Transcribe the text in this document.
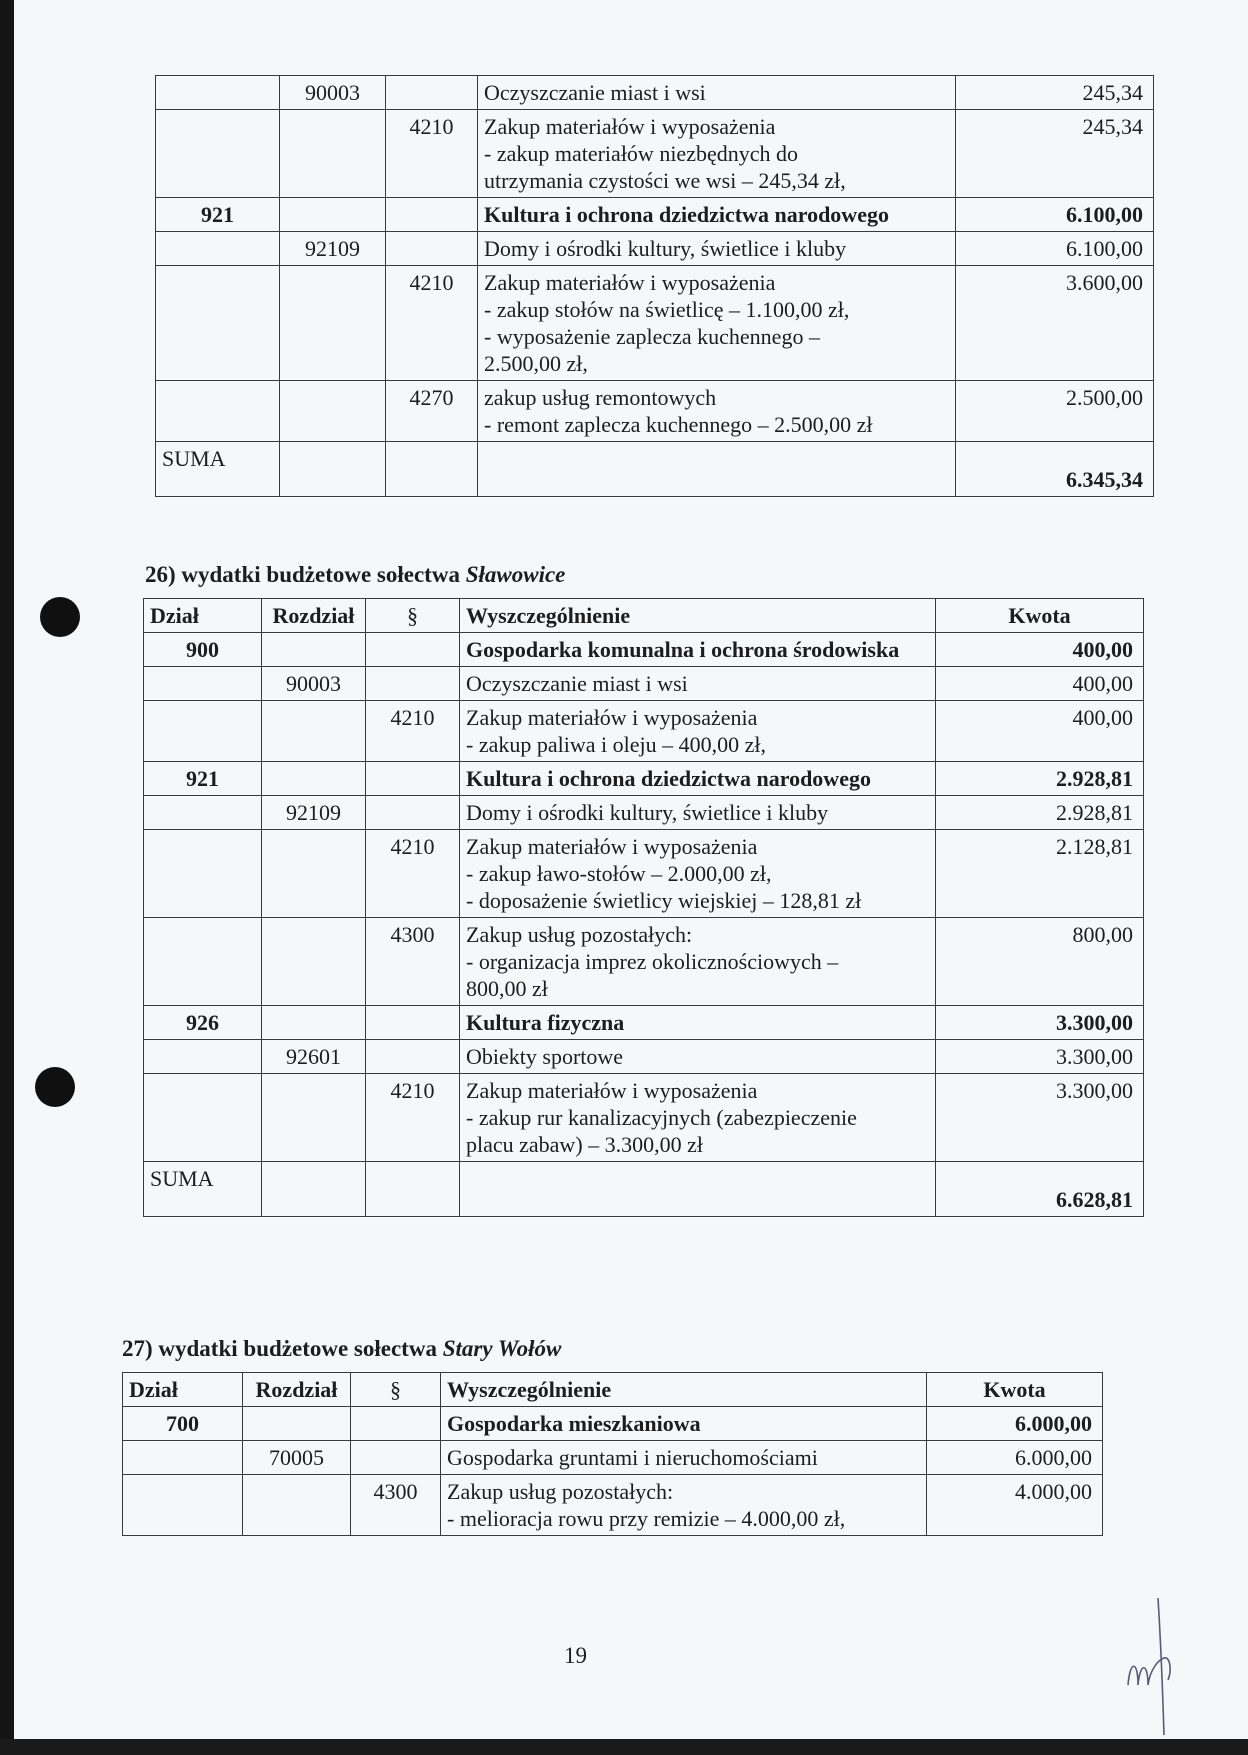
	90003		Oczyszczanie miast i wsi	245,34
		4210	Zakup materiałów i wyposażenia
- zakup materiałów niezbędnych do
utrzymania czystości we wsi – 245,34 zł,	245,34
921			Kultura i ochrona dziedzictwa narodowego	6.100,00
	92109		Domy i ośrodki kultury, świetlice i kluby	6.100,00
		4210	Zakup materiałów i wyposażenia
- zakup stołów na świetlicę – 1.100,00 zł,
- wyposażenie zaplecza kuchennego –
2.500,00 zł,	3.600,00
		4270	zakup usług remontowych
- remont zaplecza kuchennego – 2.500,00 zł	2.500,00
SUMA				6.345,34
26) wydatki budżetowe sołectwa Sławowice
Dział	Rozdział	§	Wyszczególnienie	Kwota
900			Gospodarka komunalna i ochrona środowiska	400,00
	90003		Oczyszczanie miast i wsi	400,00
		4210	Zakup materiałów i wyposażenia
- zakup paliwa i oleju – 400,00 zł,	400,00
921			Kultura i ochrona dziedzictwa narodowego	2.928,81
	92109		Domy i ośrodki kultury, świetlice i kluby	2.928,81
		4210	Zakup materiałów i wyposażenia
- zakup ławo-stołów – 2.000,00 zł,
- doposażenie świetlicy wiejskiej – 128,81 zł	2.128,81
		4300	Zakup usług pozostałych:
- organizacja imprez okolicznościowych –
800,00 zł	800,00
926			Kultura fizyczna	3.300,00
	92601		Obiekty sportowe	3.300,00
		4210	Zakup materiałów i wyposażenia
- zakup rur kanalizacyjnych (zabezpieczenie
placu zabaw) – 3.300,00 zł	3.300,00
SUMA				6.628,81
27) wydatki budżetowe sołectwa Stary Wołów
Dział	Rozdział	§	Wyszczególnienie	Kwota
700			Gospodarka mieszkaniowa	6.000,00
	70005		Gospodarka gruntami i nieruchomościami	6.000,00
		4300	Zakup usług pozostałych:
- melioracja rowu przy remizie – 4.000,00 zł,	4.000,00
19
